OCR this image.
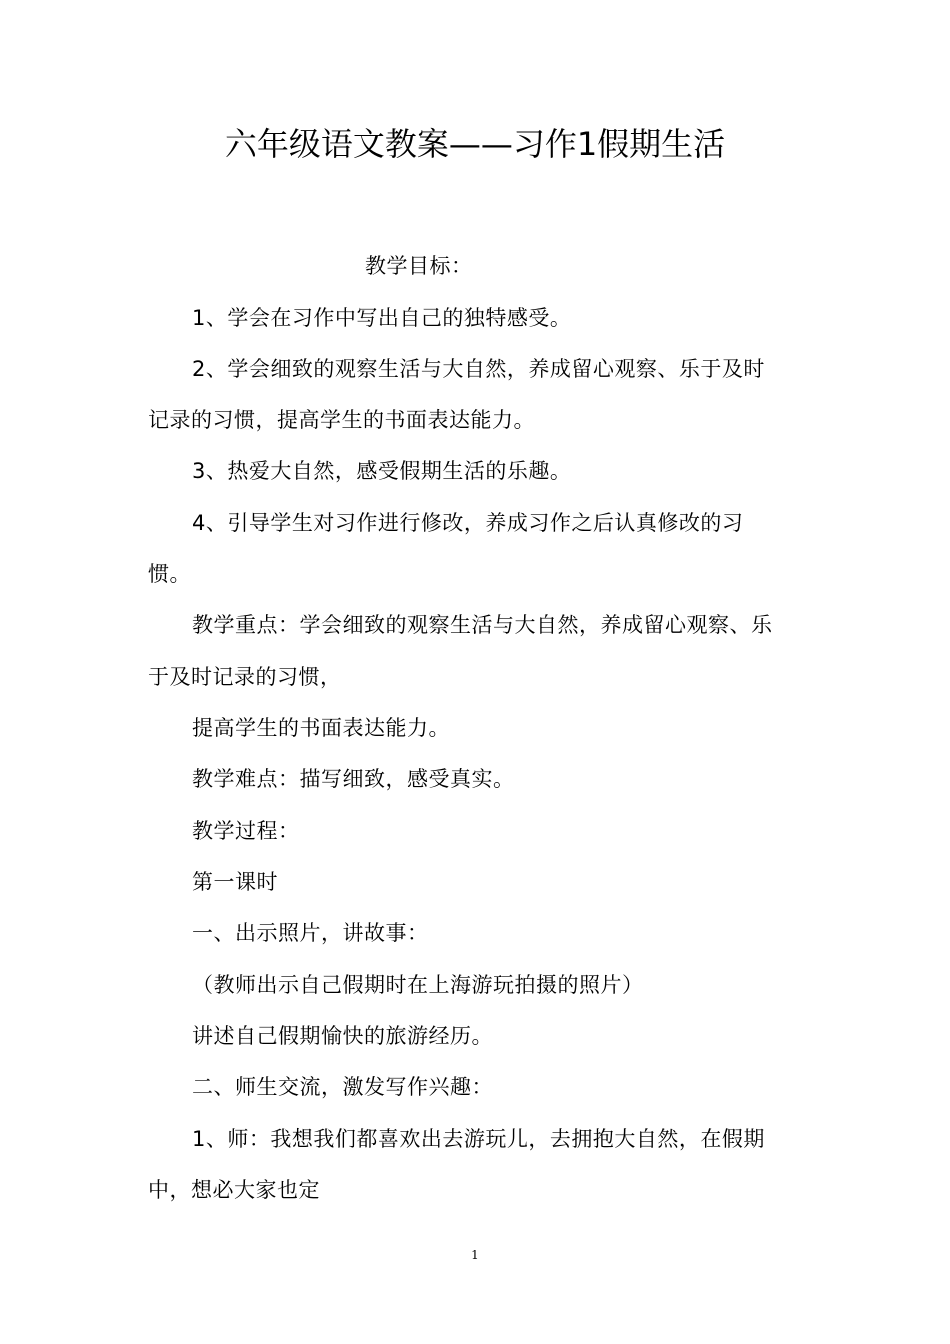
六年级语文教案——习作1假期生活
教学目标：
1、学会在习作中写出自己的独特感受。
2、学会细致的观察生活与大自然，养成留心观察、乐于及时
记录的习惯，提高学生的书面表达能力。
3、热爱大自然，感受假期生活的乐趣。
4、引导学生对习作进行修改，养成习作之后认真修改的习
惯。
教学重点：学会细致的观察生活与大自然，养成留心观察、乐
于及时记录的习惯，
提高学生的书面表达能力。
教学难点：描写细致，感受真实。
教学过程：
第一课时
一、出示照片，讲故事：
（教师出示自己假期时在上海游玩拍摄的照片）
讲述自己假期愉快的旅游经历。
二、师生交流，激发写作兴趣：
1、师：我想我们都喜欢出去游玩儿，去拥抱大自然，在假期
中，想必大家也定
1
